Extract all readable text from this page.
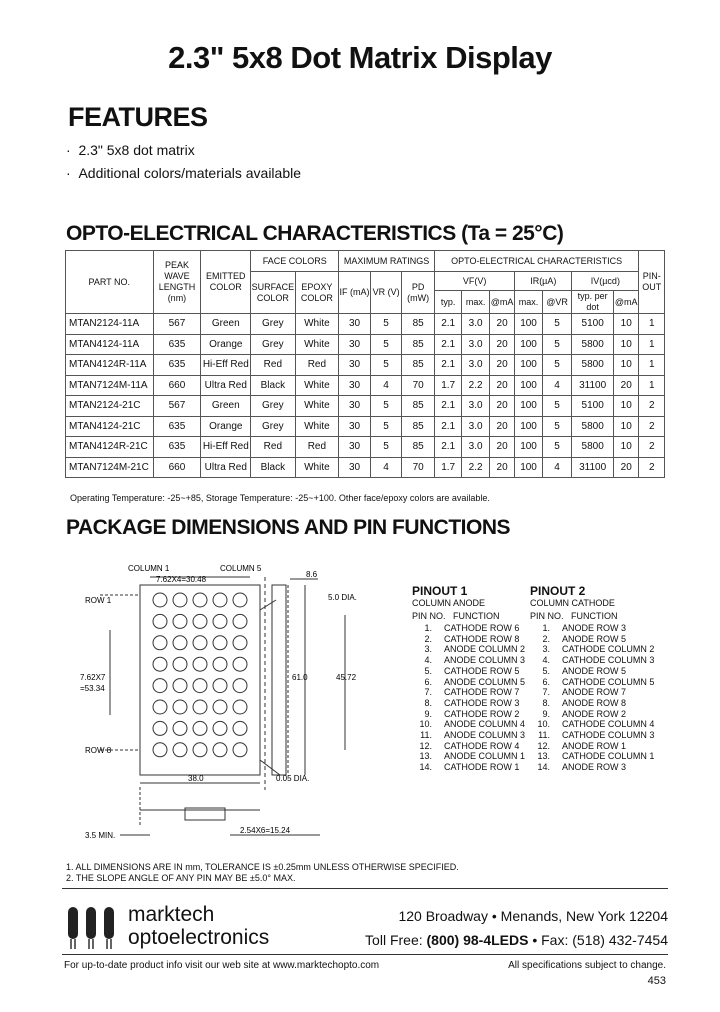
2.3" 5x8 Dot Matrix Display
FEATURES
·  2.3" 5x8 dot matrix
·  Additional colors/materials available
OPTO-ELECTRICAL CHARACTERISTICS (Ta = 25°C)
PART NO.	PEAK WAVE LENGTH (nm)	EMITTED COLOR	FACE COLORS		MAXIMUM RATINGS			OPTO-ELECTRICAL CHARACTERISTICS							PIN-OUT
			SURFACE COLOR	EPOXY COLOR	IF (mA)	VR (V)	PD (mW)	VF(V)			IR(µA)		IV(µcd)		
								typ.	max.	@mA	max.	@VR	typ. per dot	@mA	
MTAN2124-11A	567	Green	Grey	White	30	5	85	2.1	3.0	20	100	5	5100	10	1
MTAN4124-11A	635	Orange	Grey	White	30	5	85	2.1	3.0	20	100	5	5800	10	1
MTAN4124R-11A	635	Hi-Eff Red	Red	Red	30	5	85	2.1	3.0	20	100	5	5800	10	1
MTAN7124M-11A	660	Ultra Red	Black	White	30	4	70	1.7	2.2	20	100	4	31100	20	1
MTAN2124-21C	567	Green	Grey	White	30	5	85	2.1	3.0	20	100	5	5100	10	2
MTAN4124-21C	635	Orange	Grey	White	30	5	85	2.1	3.0	20	100	5	5800	10	2
MTAN4124R-21C	635	Hi-Eff Red	Red	Red	30	5	85	2.1	3.0	20	100	5	5800	10	2
MTAN7124M-21C	660	Ultra Red	Black	White	30	4	70	1.7	2.2	20	100	4	31100	20	2
Operating Temperature: -25~+85, Storage Temperature: -25~+100. Other face/epoxy colors are available.
PACKAGE DIMENSIONS AND PIN FUNCTIONS
COLUMN 1	COLUMN 5
7.62X4=30.48
ROW 1
ROW 8
7.62X7
=53.34
38.0
61.0	45.72
8.6
5.0 DIA.
0.05 DIA.
3.5 MIN.
2.54X6=15.24
PINOUT 1
COLUMN ANODE
PIN NO. FUNCTION
1. CATHODE ROW 6
2. CATHODE ROW 8
3. ANODE COLUMN 2
4. ANODE COLUMN 3
5. CATHODE ROW 5
6. ANODE COLUMN 5
7. CATHODE ROW 7
8. CATHODE ROW 3
9. CATHODE ROW 2
10. ANODE COLUMN 4
11. ANODE COLUMN 3
12. CATHODE ROW 4
13. ANODE COLUMN 1
14. CATHODE ROW 1
PINOUT 2
COLUMN CATHODE
PIN NO. FUNCTION
1. ANODE ROW 3
2. ANODE ROW 5
3. CATHODE COLUMN 2
4. CATHODE COLUMN 3
5. ANODE ROW 5
6. CATHODE COLUMN 5
7. ANODE ROW 7
8. ANODE ROW 8
9. ANODE ROW 2
10. CATHODE COLUMN 4
11. CATHODE COLUMN 3
12. ANODE ROW 1
13. CATHODE COLUMN 1
14. ANODE ROW 3
1. ALL DIMENSIONS ARE IN mm, TOLERANCE IS ±0.25mm UNLESS OTHERWISE SPECIFIED.
2. THE SLOPE ANGLE OF ANY PIN MAY BE ±5.0° MAX.
marktech
optoelectronics
120 Broadway • Menands, New York 12204
Toll Free: (800) 98-4LEDS • Fax: (518) 432-7454
For up-to-date product info visit our web site at www.marktechopto.com	All specifications subject to change.
453
